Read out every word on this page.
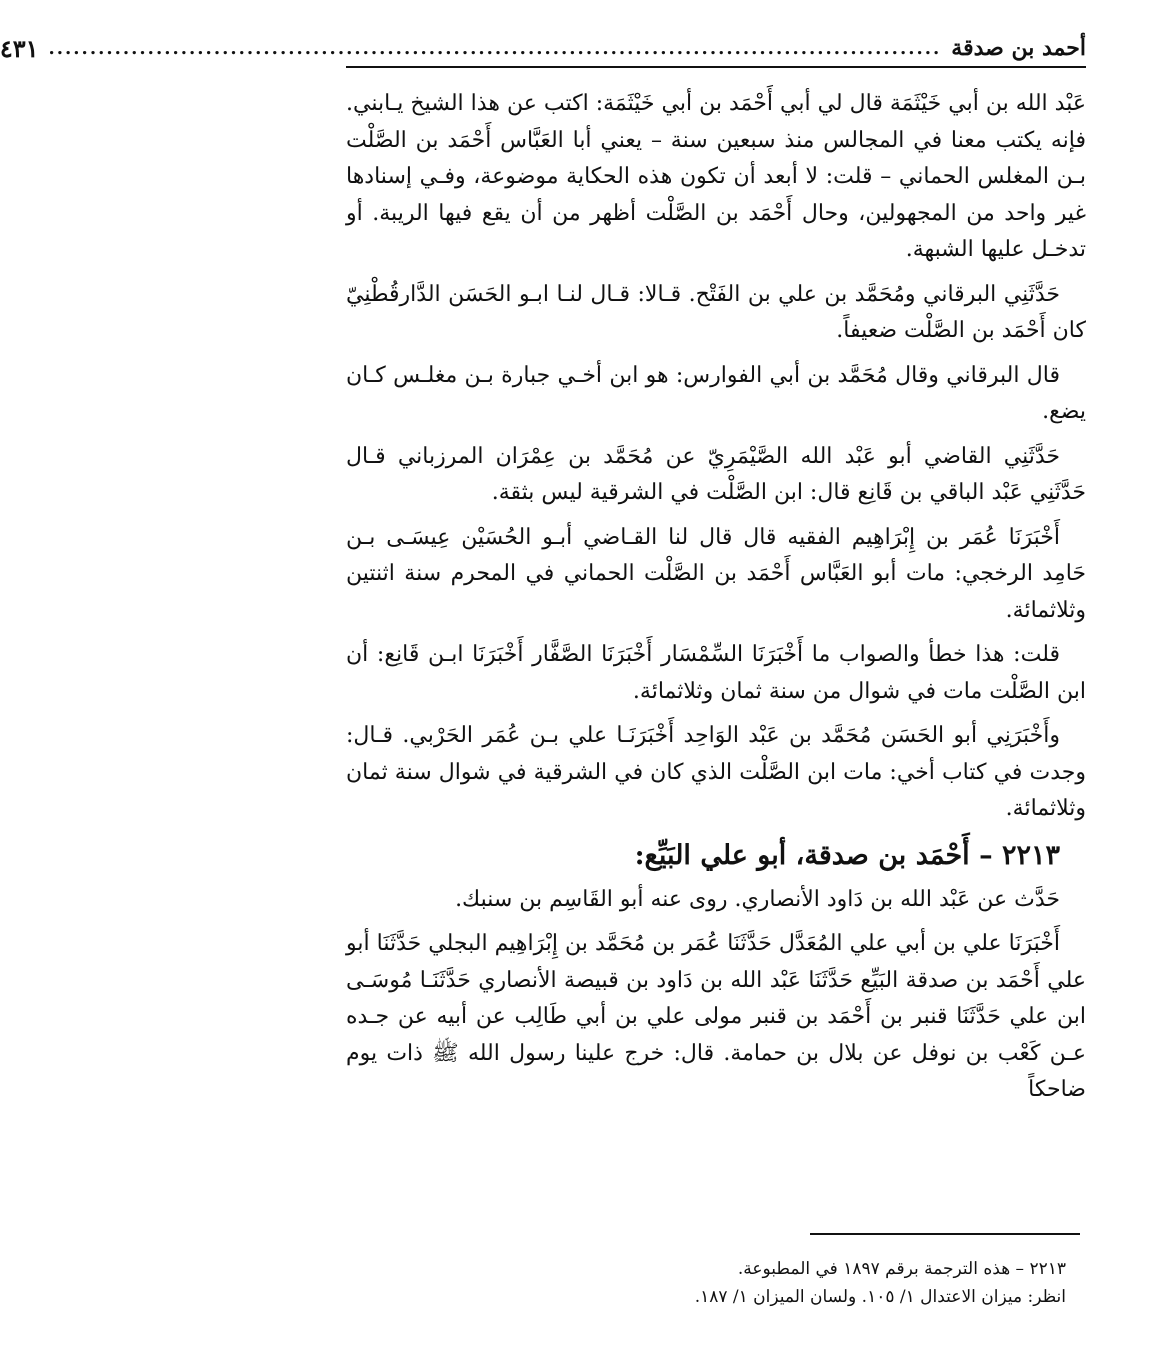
أحمد بن صدقة
............................................................................................................
٤٣١

عَبْد الله بن أبي خَيْثَمَة قال لي أبي أَحْمَد بن أبي خَيْثَمَة: اكتب عن هذا الشيخ يـابني. فإنه يكتب معنا في المجالس منذ سبعين سنة – يعني أبا العَبَّاس أَحْمَد بن الصَّلْت بـن المغلس الحماني – قلت: لا أبعد أن تكون هذه الحكاية موضوعة، وفـي إسنادها غير واحد من المجهولين، وحال أَحْمَد بن الصَّلْت أظهر من أن يقع فيها الريبة. أو تدخـل عليها الشبهة.

حَدَّثَنِي البرقاني ومُحَمَّد بن علي بن الفَتْح. قـالا: قـال لنـا ابـو الحَسَن الدَّارقُطْنِيّ كان أَحْمَد بن الصَّلْت ضعيفاً.

قال البرقاني وقال مُحَمَّد بن أبي الفوارس: هو ابن أخـي جبارة بـن مغلـس كـان يضع.

حَدَّثَنِي القاضي أبو عَبْد الله الصَّيْمَرِيّ عن مُحَمَّد بن عِمْرَان المرزباني قـال حَدَّثَنِي عَبْد الباقي بن قَانِع قال: ابن الصَّلْت في الشرقية ليس بثقة.

أَخْبَرَنَا عُمَر بن إِبْرَاهِيم الفقيه قال قال لنا القـاضي أبـو الحُسَيْن عِيسَـى بـن حَامِد الرخجي: مات أبو العَبَّاس أَحْمَد بن الصَّلْت الحماني في المحرم سنة اثنتين وثلاثمائة.

قلت: هذا خطأ والصواب ما أَخْبَرَنَا السِّمْسَار أَخْبَرَنَا الصَّفَّار أَخْبَرَنَا ابـن قَانِع: أن ابن الصَّلْت مات في شوال من سنة ثمان وثلاثمائة.

وأَخْبَرَنِي أبو الحَسَن مُحَمَّد بن عَبْد الوَاحِد أَخْبَرَنَـا علي بـن عُمَر الحَرْبي. قـال: وجدت في كتاب أخي: مات ابن الصَّلْت الذي كان في الشرقية في شوال سنة ثمان وثلاثمائة.

٢٢١٣ – أَحْمَد بن صدقة، أبو علي البَيِّع:

حَدَّث عن عَبْد الله بن دَاود الأنصاري. روى عنه أبو القَاسِم بن سنبك.

أَخْبَرَنَا علي بن أبي علي المُعَدَّل حَدَّثَنَا عُمَر بن مُحَمَّد بن إِبْرَاهِيم البجلي حَدَّثَنَا أبو علي أَحْمَد بن صدقة البَيِّع حَدَّثَنَا عَبْد الله بن دَاود بن قبيصة الأنصاري حَدَّثَنَـا مُوسَـى ابن علي حَدَّثَنَا قنبر بن أَحْمَد بن قنبر مولى علي بن أبي طَالِب عن أبيه عن جـده عـن كَعْب بن نوفل عن بلال بن حمامة. قال: خرج علينا رسول الله ﷺ ذات يوم ضاحكاً

٢٢١٣ – هذه الترجمة برقم ١٨٩٧ في المطبوعة.

انظر: ميزان الاعتدال ١/ ١٠٥. ولسان الميزان ١/ ١٨٧.
